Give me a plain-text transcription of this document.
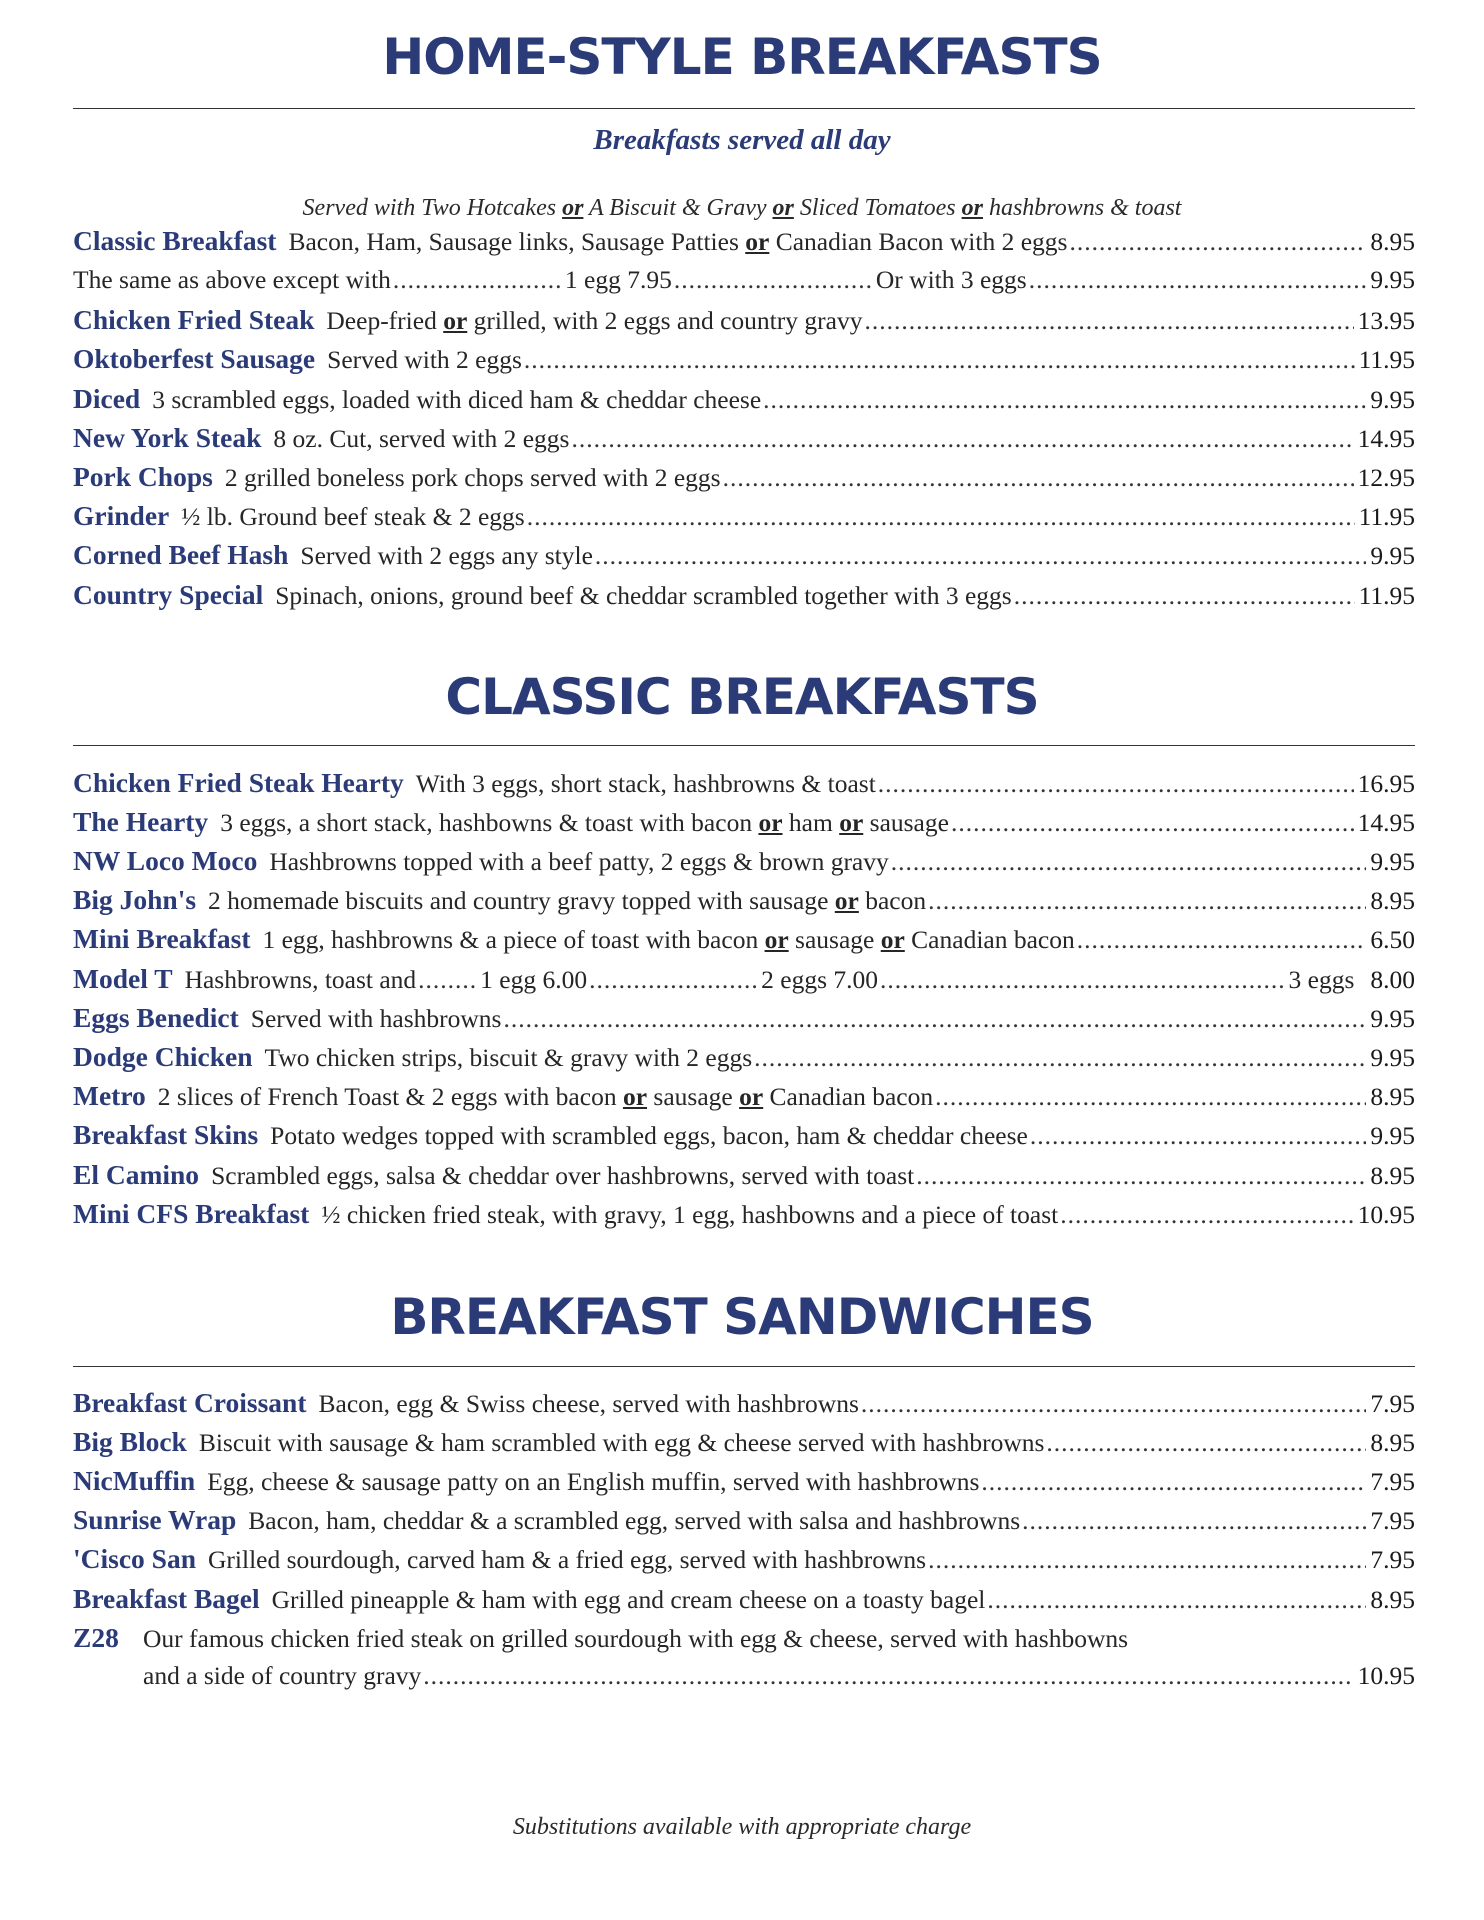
HOME-STYLE BREAKFASTS
Breakfasts served all day
Served with Two Hotcakes or A Biscuit & Gravy or Sliced Tomatoes or hashbrowns & toast
Classic Breakfast Bacon, Ham, Sausage links, Sausage Patties or Canadian Bacon with 2 eggs .....	8.95
The same as above except with .....	1 egg 7.95 .....	Or with 3 eggs .....	9.95
Chicken Fried Steak Deep-fried or grilled, with 2 eggs and country gravy .....	13.95
Oktoberfest Sausage Served with 2 eggs .....	11.95
Diced 3 scrambled eggs, loaded with diced ham & cheddar cheese .....	9.95
New York Steak 8 oz. Cut, served with 2 eggs .....	14.95
Pork Chops 2 grilled boneless pork chops served with 2 eggs .....	12.95
Grinder ½ lb. Ground beef steak & 2 eggs .....	11.95
Corned Beef Hash Served with 2 eggs any style .....	9.95
Country Special Spinach, onions, ground beef & cheddar scrambled together with 3 eggs .....	11.95
CLASSIC BREAKFASTS
Chicken Fried Steak Hearty With 3 eggs, short stack, hashbrowns & toast .....	16.95
The Hearty 3 eggs, a short stack, hashbowns & toast with bacon or ham or sausage .....	14.95
NW Loco Moco Hashbrowns topped with a beef patty, 2 eggs & brown gravy .....	9.95
Big John's 2 homemade biscuits and country gravy topped with sausage or bacon .....	8.95
Mini Breakfast 1 egg, hashbrowns & a piece of toast with bacon or sausage or Canadian bacon .....	6.50
Model T Hashbrowns, toast and .....	1 egg 6.00 .....	2 eggs 7.00 .....	3 eggs 8.00
Eggs Benedict Served with hashbrowns .....	9.95
Dodge Chicken Two chicken strips, biscuit & gravy with 2 eggs .....	9.95
Metro 2 slices of French Toast & 2 eggs with bacon or sausage or Canadian bacon .....	8.95
Breakfast Skins Potato wedges topped with scrambled eggs, bacon, ham & cheddar cheese .....	9.95
El Camino Scrambled eggs, salsa & cheddar over hashbrowns, served with toast .....	8.95
Mini CFS Breakfast ½ chicken fried steak, with gravy, 1 egg, hashbowns and a piece of toast .....	10.95
BREAKFAST SANDWICHES
Breakfast Croissant Bacon, egg & Swiss cheese, served with hashbrowns .....	7.95
Big Block Biscuit with sausage & ham scrambled with egg & cheese served with hashbrowns .....	8.95
NicMuffin Egg, cheese & sausage patty on an English muffin, served with hashbrowns .....	7.95
Sunrise Wrap Bacon, ham, cheddar & a scrambled egg, served with salsa and hashbrowns .....	7.95
'Cisco San Grilled sourdough, carved ham & a fried egg, served with hashbrowns .....	7.95
Breakfast Bagel Grilled pineapple & ham with egg and cream cheese on a toasty bagel .....	8.95
Z28 Our famous chicken fried steak on grilled sourdough with egg & cheese, served with hashbowns
and a side of country gravy .....	10.95
Substitutions available with appropriate charge
